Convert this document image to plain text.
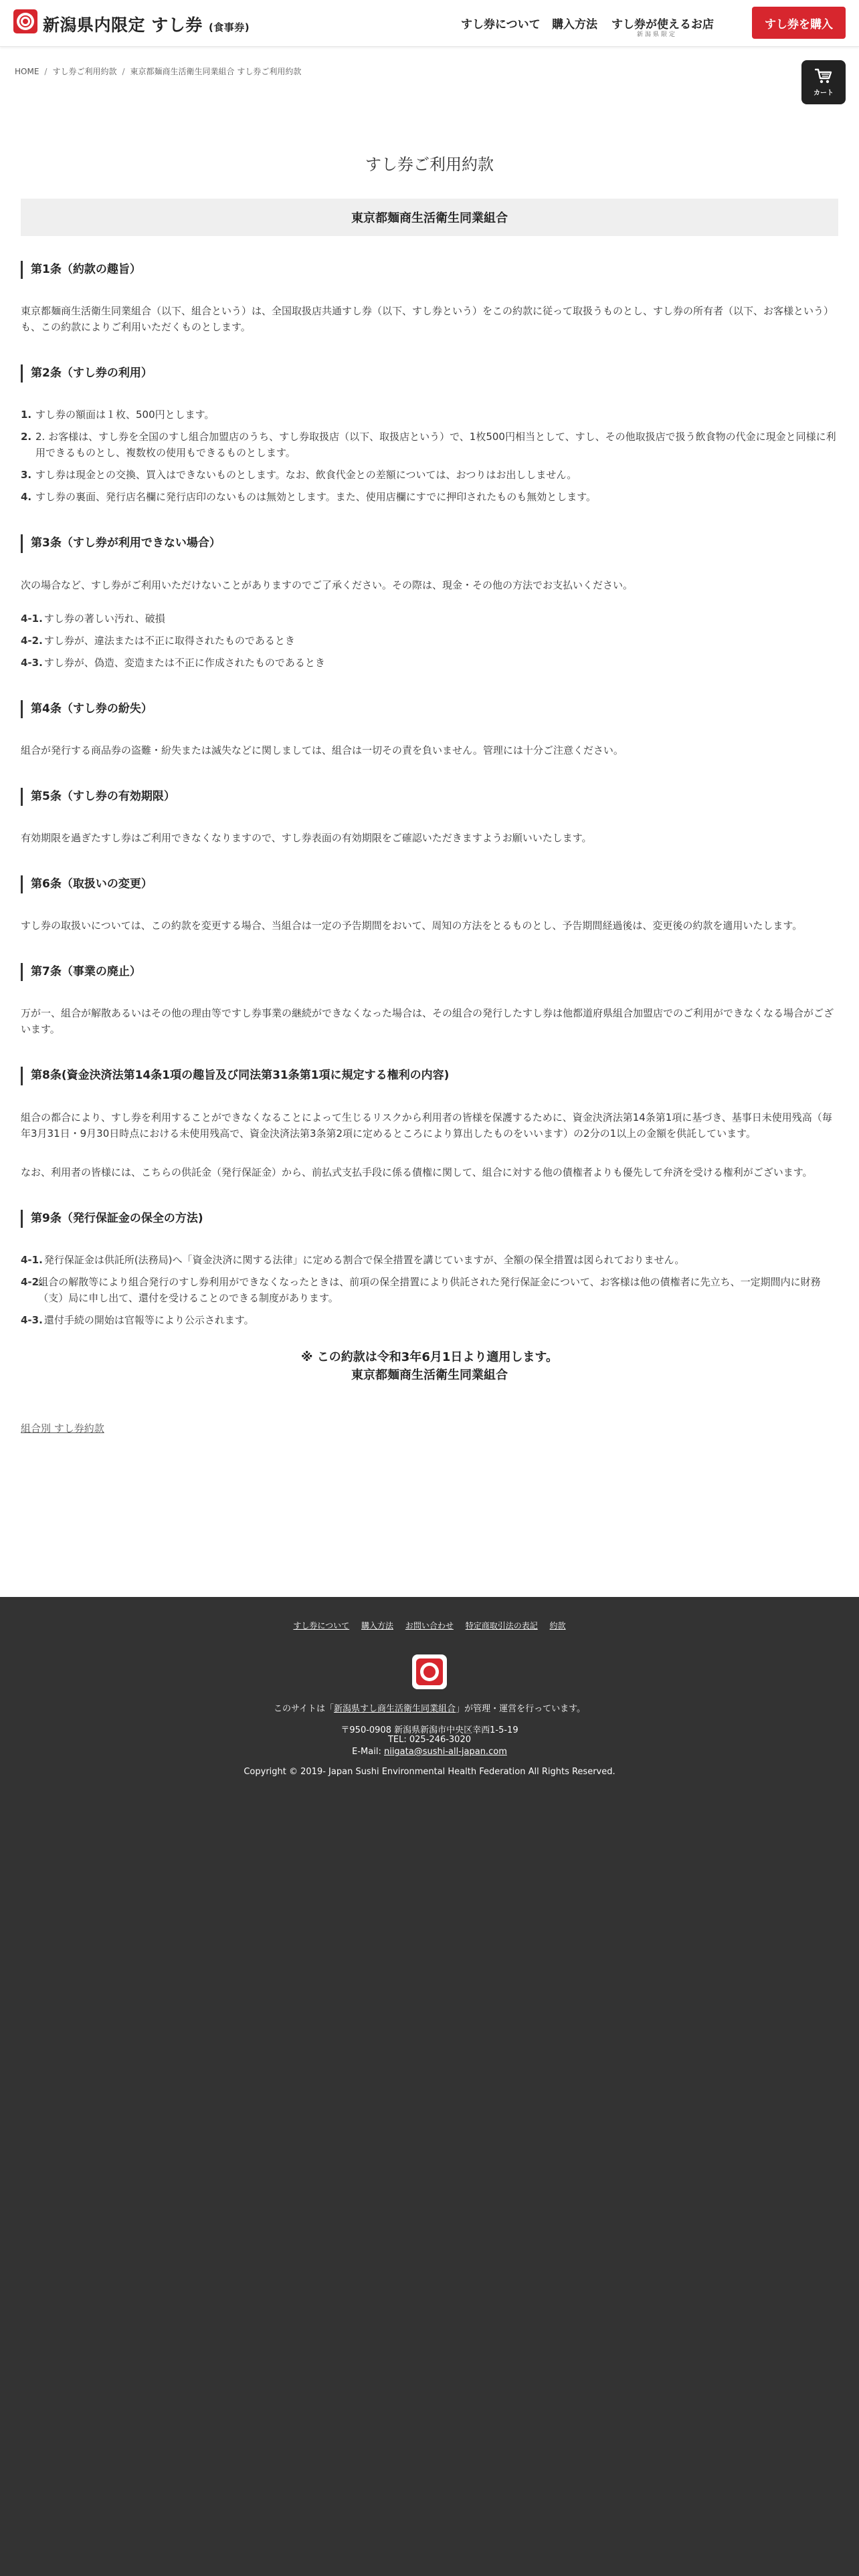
新潟県内限定 すし券 (食事券)	すし券について 購入方法 すし券が使えるお店
新潟県限定
すし券を購入
HOME / すし券ご利用約款 / 東京都麺商生活衛生同業組合 すし券ご利用約款
カート
すし券ご利用約款
東京都麺商生活衛生同業組合
第1条（約款の趣旨）

東京都麺商生活衛生同業組合（以下、組合という）は、全国取扱店共通すし券（以下、すし券という）をこの約款に従って取扱うものとし、すし券の所有者（以下、お客様という）も、この約款によりご利用いただくものとします。

第2条（すし券の利用）
1. すし券の額面は１枚、500円とします。
2. 2. お客様は、すし券を全国のすし組合加盟店のうち、すし券取扱店（以下、取扱店という）で、1枚500円相当として、すし、その他取扱店で扱う飲食物の代金に現金と同様に利用できるものとし、複数枚の使用もできるものとします。
3. すし券は現金との交換、買入はできないものとします。なお、飲食代金との差額については、おつりはお出ししません。
4. すし券の裏面、発行店名欄に発行店印のないものは無効とします。また、使用店欄にすでに押印されたものも無効とします。
第3条（すし券が利用できない場合）

次の場合など、すし券がご利用いただけないことがありますのでご了承ください。その際は、現金・その他の方法でお支払いください。

4-1. すし券の著しい汚れ、破損
4-2. すし券が、違法または不正に取得されたものであるとき
4-3. すし券が、偽造、変造または不正に作成されたものであるとき
第4条（すし券の紛失）

組合が発行する商品券の盗難・紛失または滅失などに関しましては、組合は一切その責を負いません。管理には十分ご注意ください。

第5条（すし券の有効期限）

有効期限を過ぎたすし券はご利用できなくなりますので、すし券表面の有効期限をご確認いただきますようお願いいたします。

第6条（取扱いの変更）

すし券の取扱いについては、この約款を変更する場合、当組合は一定の予告期間をおいて、周知の方法をとるものとし、予告期間経過後は、変更後の約款を適用いたします。

第7条（事業の廃止）

万が一、組合が解散あるいはその他の理由等ですし券事業の継続ができなくなった場合は、その組合の発行したすし券は他都道府県組合加盟店でのご利用ができなくなる場合がございます。

第8条(資金決済法第14条1項の趣旨及び同法第31条第1項に規定する権利の内容)

組合の都合により、すし券を利用することができなくなることによって生じるリスクから利用者の皆様を保護するために、資金決済法第14条第1項に基づき、基事日未使用残高（毎年3月31日・9月30日時点における未使用残高で、資金決済法第3条第2項に定めるところにより算出したものをいいます）の2分の1以上の金額を供託しています。

なお、利用者の皆様には、こちらの供託金（発行保証金）から、前払式支払手段に係る債権に関して、組合に対する他の債権者よりも優先して弁済を受ける権利がございます。

第9条（発行保証金の保全の方法)
4-1. 発行保証金は供託所(法務局)へ「資金決済に関する法律」に定める割合で保全措置を講じていますが、全額の保全措置は図られておりません。
4-2.
組合の解散等により組合発行のすし券利用ができなくなったときは、前項の保全措置により供託された発行保証金について、お客様は他の債権者に先立ち、一定期間内に財務（支）局に申し出て、還付を受けることのできる制度があります。
4-3. 還付手続の開始は官報等により公示されます。
※ この約款は令和3年6月1日より適用します。
東京都麺商生活衛生同業組合
組合別 すし券約款
すし券について 購入方法 お問い合わせ 特定商取引法の表記 約款
このサイトは「新潟県すし商生活衛生同業組合」が管理・運営を行っています。
〒950-0908 新潟県新潟市中央区幸西1-5-19
TEL: 025-246-3020
E-Mail: niigata@sushi-all-japan.com
Copyright © 2019- Japan Sushi Environmental Health Federation All Rights Reserved.
